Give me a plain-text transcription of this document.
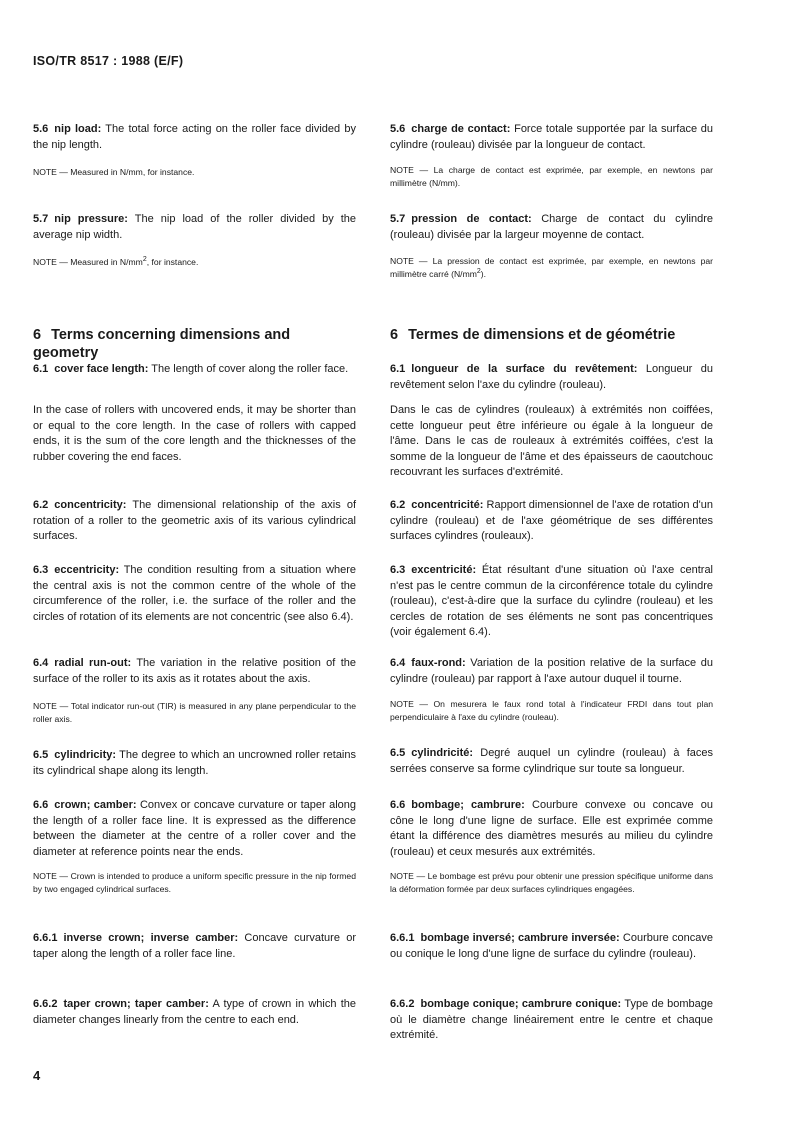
ISO/TR 8517 : 1988 (E/F)
5.6 nip load: The total force acting on the roller face divided by the nip length.
NOTE — Measured in N/mm, for instance.
5.7 nip pressure: The nip load of the roller divided by the average nip width.
NOTE — Measured in $N/mm^2$, for instance.
6 Terms concerning dimensions and geometry
6.1 cover face length: The length of cover along the roller face.
In the case of rollers with uncovered ends, it may be shorter than or equal to the core length. In the case of rollers with capped ends, it is the sum of the core length and the thicknesses of the rubber covering the end faces.
6.2 concentricity: The dimensional relationship of the axis of rotation of a roller to the geometric axis of its various cylindrical surfaces.
6.3 eccentricity: The condition resulting from a situation where the central axis is not the common centre of the whole of the circumference of the roller, i.e. the surface of the roller and the circles of rotation of its elements are not concentric (see also 6.4).
6.4 radial run-out: The variation in the relative position of the surface of the roller to its axis as it rotates about the axis.
NOTE — Total indicator run-out (TIR) is measured in any plane perpendicular to the roller axis.
6.5 cylindricity: The degree to which an uncrowned roller retains its cylindrical shape along its length.
6.6 crown; camber: Convex or concave curvature or taper along the length of a roller face line. It is expressed as the difference between the diameter at the centre of a roller cover and the diameter at reference points near the ends.
NOTE — Crown is intended to produce a uniform specific pressure in the nip formed by two engaged cylindrical surfaces.
6.6.1 inverse crown; inverse camber: Concave curvature or taper along the length of a roller face line.
6.6.2 taper crown; taper camber: A type of crown in which the diameter changes linearly from the centre to each end.
5.6 charge de contact: Force totale supportée par la surface du cylindre (rouleau) divisée par la longueur de contact.
NOTE — La charge de contact est exprimée, par exemple, en newtons par millimètre (N/mm).
5.7 pression de contact: Charge de contact du cylindre (rouleau) divisée par la largeur moyenne de contact.
NOTE — La pression de contact est exprimée, par exemple, en newtons par millimètre carré $(N/mm^2)$.
6 Termes de dimensions et de géométrie
6.1 longueur de la surface du revêtement: Longueur du revêtement selon l'axe du cylindre (rouleau).
Dans le cas de cylindres (rouleaux) à extrémités non coiffées, cette longueur peut être inférieure ou égale à la longueur de l'âme. Dans le cas de rouleaux à extrémités coiffées, c'est la somme de la longueur de l'âme et des épaisseurs de caoutchouc recouvrant les surfaces d'extrémité.
6.2 concentricité: Rapport dimensionnel de l'axe de rotation d'un cylindre (rouleau) et de l'axe géométrique de ses différentes surfaces cylindres (rouleaux).
6.3 excentricité: État résultant d'une situation où l'axe central n'est pas le centre commun de la circonférence totale du cylindre (rouleau), c'est-à-dire que la surface du cylindre (rouleau) et les cercles de rotation de ses éléments ne sont pas concentriques (voir également 6.4).
6.4 faux-rond: Variation de la position relative de la surface du cylindre (rouleau) par rapport à l'axe autour duquel il tourne.
NOTE — On mesurera le faux rond total à l'indicateur FRDI dans tout plan perpendiculaire à l'axe du cylindre (rouleau).
6.5 cylindricité: Degré auquel un cylindre (rouleau) à faces serrées conserve sa forme cylindrique sur toute sa longueur.
6.6 bombage; cambrure: Courbure convexe ou concave ou cône le long d'une ligne de surface. Elle est exprimée comme étant la différence des diamètres mesurés au milieu du cylindre (rouleau) et ceux mesurés aux extrémités.
NOTE — Le bombage est prévu pour obtenir une pression spécifique uniforme dans la déformation formée par deux surfaces cylindriques engagées.
6.6.1 bombage inversé; cambrure inversée: Courbure concave ou conique le long d'une ligne de surface du cylindre (rouleau).
6.6.2 bombage conique; cambrure conique: Type de bombage où le diamètre change linéairement entre le centre et chaque extrémité.
4
